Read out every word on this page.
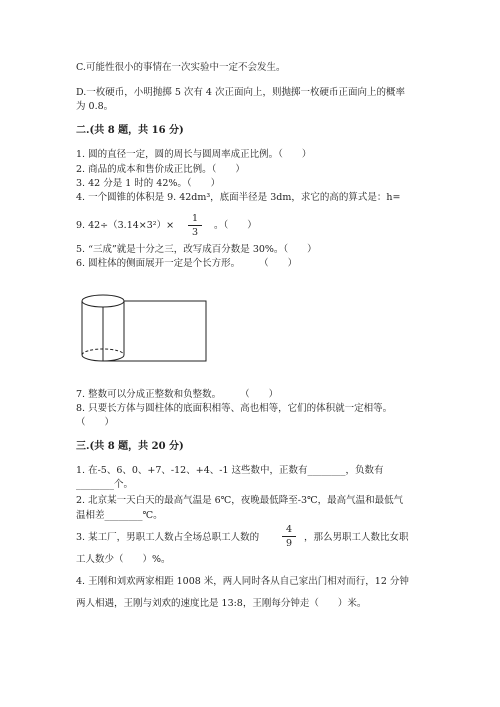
C.可能性很小的事情在一次实验中一定不会发生。
D.一枚硬币，小明抛掷 5 次有 4 次正面向上，则抛掷一枚硬币正面向上的概率
为 0.8。
二.(共 8 题，共 16 分)
1. 圆的直径一定，圆的周长与圆周率成正比例。（　　）
2. 商品的成本和售价成正比例。（　　）
3. 42 分是 1 时的 42%。（　　）
4. 一个圆锥的体积是 9. 42dm³，底面半径是 3dm，求它的高的算式是：h=
9. 42÷（3.14×3²）×
1
3
。（　　）
5. “三成”就是十分之三，改写成百分数是 30%。（　　）
6. 圆柱体的侧面展开一定是个长方形。　　　（　　）
7. 整数可以分成正整数和负整数。　　　（　　）
8. 只要长方体与圆柱体的底面积相等、高也相等，它们的体积就一定相等。
（　　）
三.(共 8 题，共 20 分)
1. 在-5、6、0、+7、-12、+4、-1 这些数中，正数有________，负数有
________个。
2. 北京某一天白天的最高气温是 6℃，夜晚最低降至-3℃，最高气温和最低气
温相差________℃。
3. 某工厂，男职工人数占全场总职工人数的
4
9
，那么男职工人数比女职
工人数少（　　）%。
4. 王刚和刘欢两家相距 1008 米，两人同时各从自己家出门相对而行，12 分钟
两人相遇，王刚与刘欢的速度比是 13:8，王刚每分钟走（　　）米。
